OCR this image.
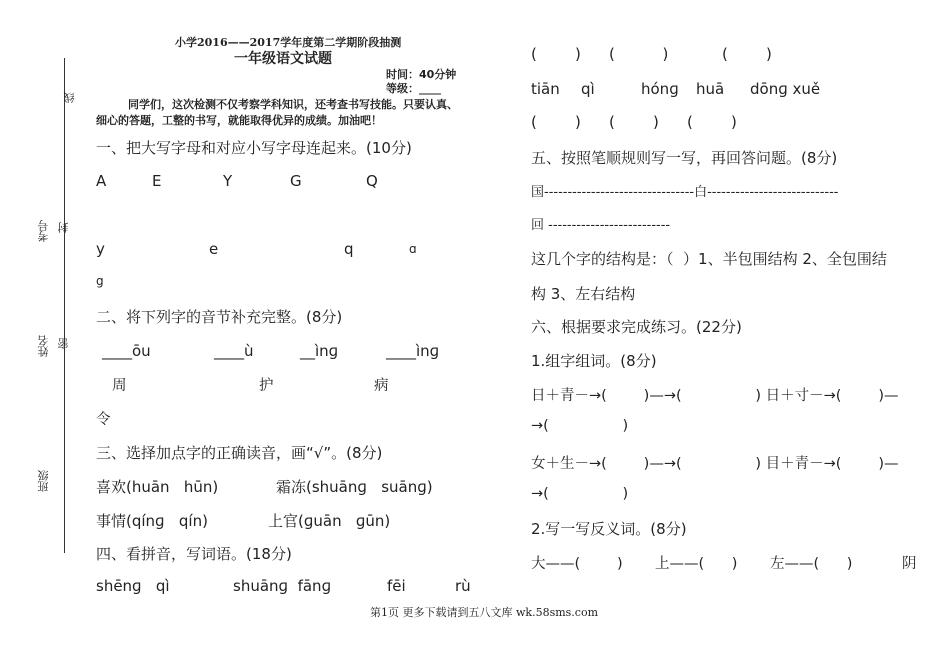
线
考号 封
姓名 密
班级
小学2016——2017学年度第二学期阶段抽测
一年级语文试题
时间：40分钟
等级：____
同学们，这次检测不仅考察学科知识，还考查书写技能。只要认真、
细心的答题，工整的书写，就能取得优异的成绩。加油吧！
一、把大写字母和对应小写字母连起来。(10分)
A	E	Y	G	Q
y	e	q	ɑ
g
二、将下列字的音节补充完整。(8分)
____ōu	____ù	__ìnɡ	____ìnɡ
周	护	病
令
三、选择加点字的正确读音，画“√”。(8分)
喜欢(huān   hūn)	霜冻(shuānɡ   suānɡ)
事情(qínɡ   qín)	上官(ɡuān   ɡūn)
四、看拼音，写词语。(18分)
shēnɡ   qì	shuānɡ  fānɡ	fēi	rù
(        ) (          )	(        )
tiān qì	hónɡ huā dōnɡ xuě
(        ) (        ) (        )
五、按照笔顺规则写一写，再回答问题。(8分)
国--------------------------------白----------------------------
回 --------------------------
这几个字的结构是：（  ）1、半包围结构 2、全包围结
构 3、左右结构
六、根据要求完成练习。(22分)
1.组字组词。(8分)
日＋青－→(        )—→(                ) 日＋寸－→(        )—
→(                )
女＋生－→(        )—→(                ) 目＋青－→(        )—
→(                )
2.写一写反义词。(8分)
大——(        ) 上——(      ) 左——(      )	阴
第1页 更多下载请到五八文库 wk.58sms.com
